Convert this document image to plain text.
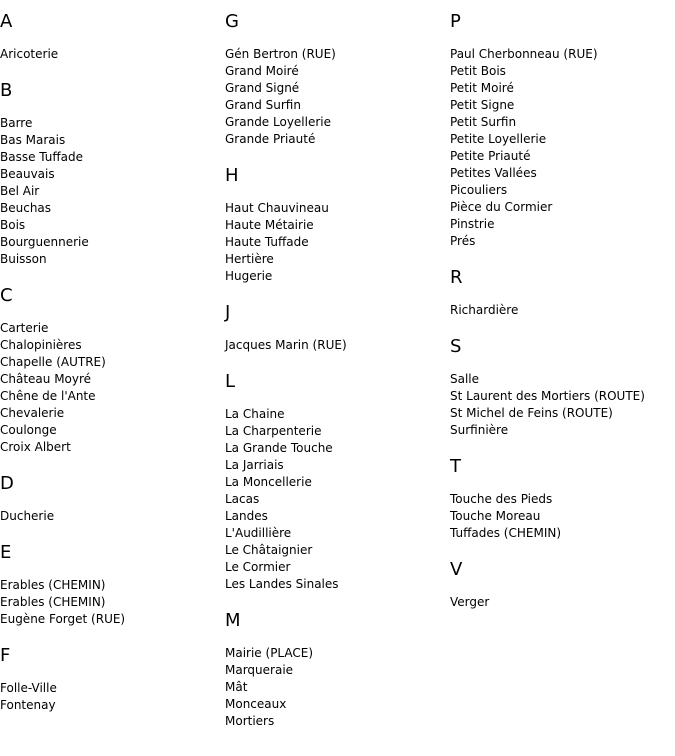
A
Aricoterie
B
Barre
Bas Marais
Basse Tuffade
Beauvais
Bel Air
Beuchas
Bois
Bourguennerie
Buisson
C
Carterie
Chalopinières
Chapelle (AUTRE)
Château Moyré
Chêne de l'Ante
Chevalerie
Coulonge
Croix Albert
D
Ducherie
E
Erables (CHEMIN)
Erables (CHEMIN)
Eugène Forget (RUE)
F
Folle-Ville
Fontenay
G
Gén Bertron (RUE)
Grand Moiré
Grand Signé
Grand Surfin
Grande Loyellerie
Grande Priauté
H
Haut Chauvineau
Haute Métairie
Haute Tuffade
Hertière
Hugerie
J
Jacques Marin (RUE)
L
La Chaine
La Charpenterie
La Grande Touche
La Jarriais
La Moncellerie
Lacas
Landes
L'Audillière
Le Châtaignier
Le Cormier
Les Landes Sinales
M
Mairie (PLACE)
Marqueraie
Mât
Monceaux
Mortiers
P
Paul Cherbonneau (RUE)
Petit Bois
Petit Moiré
Petit Signe
Petit Surfin
Petite Loyellerie
Petite Priauté
Petites Vallées
Picouliers
Pièce du Cormier
Pinstrie
Prés
R
Richardière
S
Salle
St Laurent des Mortiers (ROUTE)
St Michel de Feins (ROUTE)
Surfinière
T
Touche des Pieds
Touche Moreau
Tuffades (CHEMIN)
V
Verger
